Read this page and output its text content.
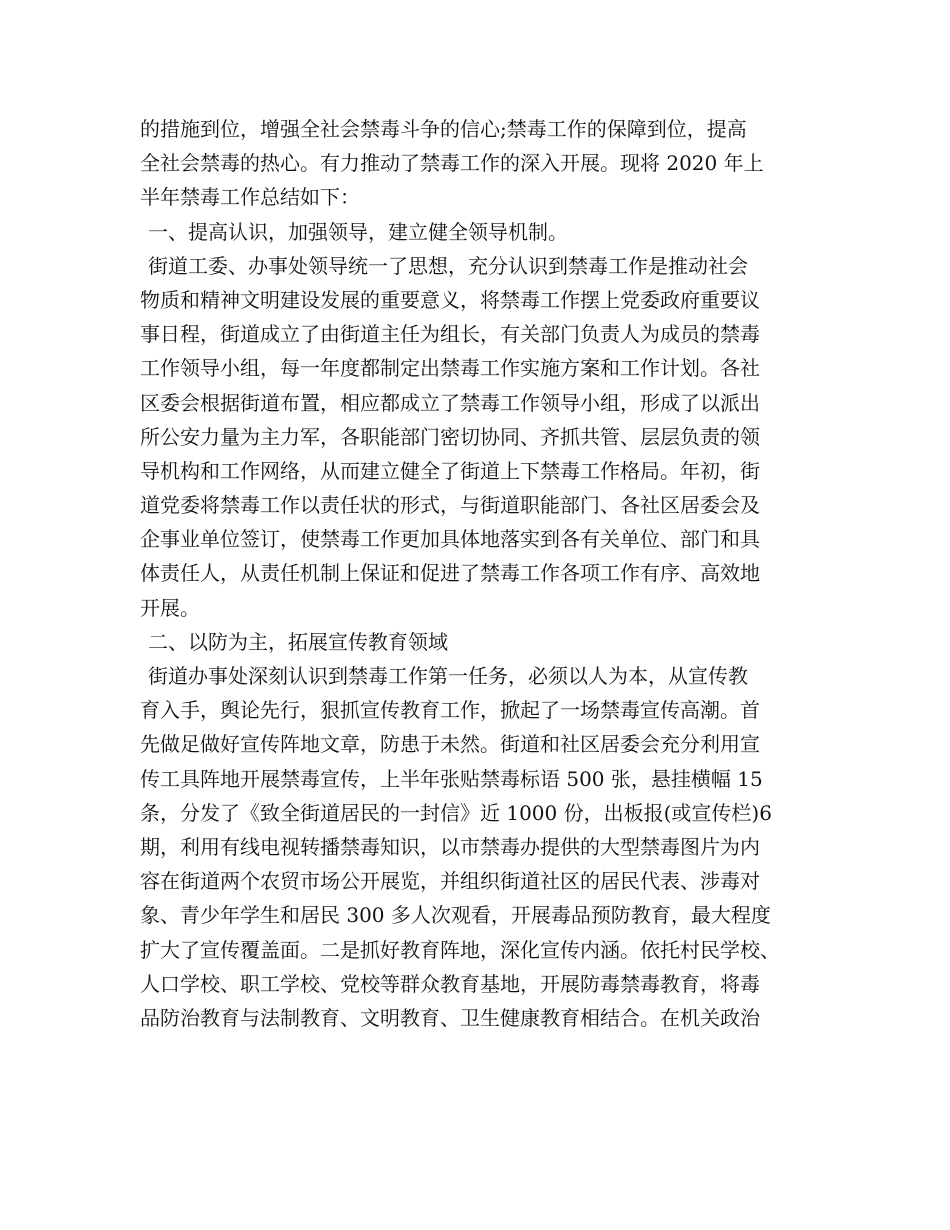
的措施到位，增强全社会禁毒斗争的信心;禁毒工作的保障到位，提高
全社会禁毒的热心。有力推动了禁毒工作的深入开展。现将 2020 年上
半年禁毒工作总结如下：
一、提高认识，加强领导，建立健全领导机制。
街道工委、办事处领导统一了思想，充分认识到禁毒工作是推动社会
物质和精神文明建设发展的重要意义，将禁毒工作摆上党委政府重要议
事日程，街道成立了由街道主任为组长，有关部门负责人为成员的禁毒
工作领导小组，每一年度都制定出禁毒工作实施方案和工作计划。各社
区委会根据街道布置，相应都成立了禁毒工作领导小组，形成了以派出
所公安力量为主力军，各职能部门密切协同、齐抓共管、层层负责的领
导机构和工作网络，从而建立健全了街道上下禁毒工作格局。年初，街
道党委将禁毒工作以责任状的形式，与街道职能部门、各社区居委会及
企事业单位签订，使禁毒工作更加具体地落实到各有关单位、部门和具
体责任人，从责任机制上保证和促进了禁毒工作各项工作有序、高效地
开展。
二、以防为主，拓展宣传教育领域
街道办事处深刻认识到禁毒工作第一任务，必须以人为本，从宣传教
育入手，舆论先行，狠抓宣传教育工作，掀起了一场禁毒宣传高潮。首
先做足做好宣传阵地文章，防患于未然。街道和社区居委会充分利用宣
传工具阵地开展禁毒宣传，上半年张贴禁毒标语 500 张，悬挂横幅 15
条，分发了《致全街道居民的一封信》近 1000 份，出板报(或宣传栏)6
期，利用有线电视转播禁毒知识，以市禁毒办提供的大型禁毒图片为内
容在街道两个农贸市场公开展览，并组织街道社区的居民代表、涉毒对
象、青少年学生和居民 300 多人次观看，开展毒品预防教育，最大程度
扩大了宣传覆盖面。二是抓好教育阵地，深化宣传内涵。依托村民学校、
人口学校、职工学校、党校等群众教育基地，开展防毒禁毒教育，将毒
品防治教育与法制教育、文明教育、卫生健康教育相结合。在机关政治
